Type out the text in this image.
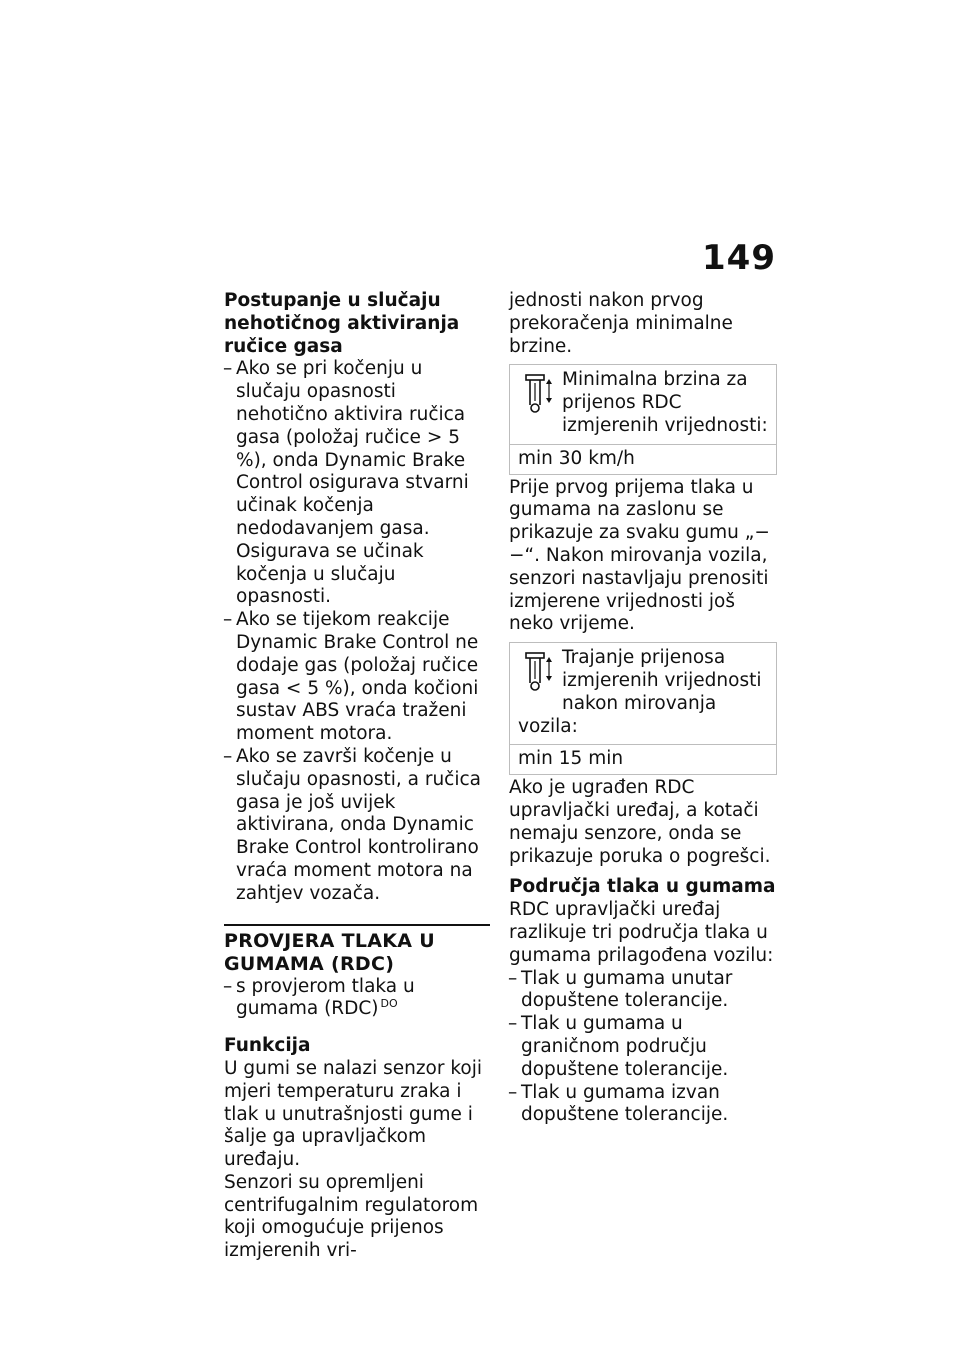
149

Postupanje u slučaju nehotičnog aktiviranja ručice gasa

– Ako se pri kočenju u slučaju opasnosti nehotično aktivira ručica gasa (položaj ručice > 5 %), onda Dynamic Brake Control osigurava stvarni učinak kočenja nedodavanjem gasa. Osigurava se učinak kočenja u slučaju opasnosti.
– Ako se tijekom reakcije Dynamic Brake Control ne dodaje gas (položaj ručice gasa < 5 %), onda kočioni sustav ABS vraća traženi moment motora.
– Ako se završi kočenje u slučaju opasnosti, a ručica gasa je još uvijek aktivirana, onda Dynamic Brake Control kontrolirano vraća moment motora na zahtjev vozača.

PROVJERA TLAKA U GUMAMA (RDC)

– s provjerom tlaka u gumama (RDC) $^{DO}$

Funkcija

U gumi se nalazi senzor koji mjeri temperaturu zraka i tlak u unutrašnjosti gume i šalje ga upravljačkom uređaju.

Senzori su opremljeni centrifugalnim regulatorom koji omogućuje prijenos izmjerenih vri-

jednosti nakon prvog prekoračenja minimalne brzine.

Minimalna brzina za prijenos RDC izmjerenih vrijednosti:
min 30 km/h

Prije prvog prijema tlaka u gumama na zaslonu se prikazuje za svaku gumu „− −“. Nakon mirovanja vozila, senzori nastavljaju prenositi izmjerene vrijednosti još neko vrijeme.

Trajanje prijenosa izmjerenih vrijednosti nakon mirovanja vozila:
min 15 min

Ako je ugrađen RDC upravljački uređaj, a kotači nemaju senzore, onda se prikazuje poruka o pogrešci.

Područja tlaka u gumama

RDC upravljački uređaj razlikuje tri područja tlaka u gumama prilagođena vozilu:

– Tlak u gumama unutar dopuštene tolerancije.
– Tlak u gumama u graničnom području dopuštene tolerancije.
– Tlak u gumama izvan dopuštene tolerancije.
